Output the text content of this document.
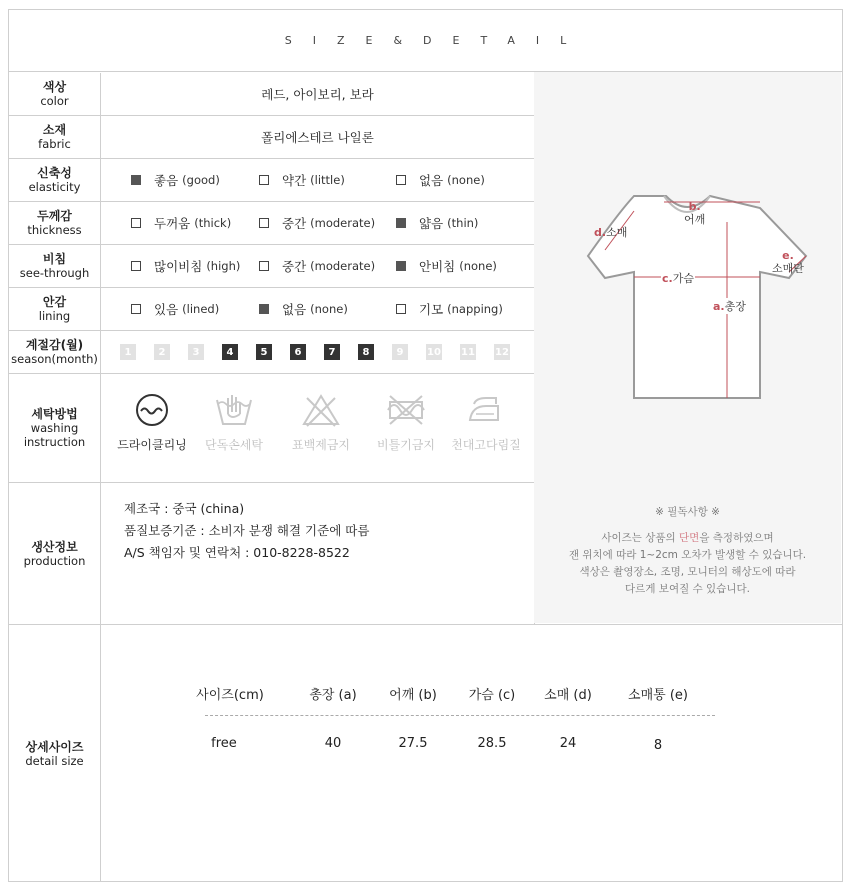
SIZE&DETAIL
색상
color	레드, 아이보리, 보라
소재
fabric	폴리에스테르 나일론
신축성
elasticity	좋음 (good)	약간 (little)	없음 (none)
두께감
thickness	두꺼움 (thick)	중간 (moderate)	얇음 (thin)
비침
see-through	많이비침 (high)	중간 (moderate)	안비침 (none)
안감
lining	있음 (lined)	없음 (none)	기모 (napping)
계절감(월)
season(month)	1	2	3	4	5	6	7	8	9	10 11 12
세탁방법
washing
instruction	드라이클리닝 단독손세탁 표백제금지 비틀기금지 천대고다림질
생산정보
production
제조국 : 중국 (china)
품질보증기준 : 소비자 분쟁 해결 기준에 따름
A/S 책임자 및 연락처 : 010-8228-8522
상세사이즈
detail size
b.
어깨
d.소매
e.
소매단
c.가슴
a.총장
※ 필독사항 ※
사이즈는 상품의 단면을 측정하였으며
잰 위치에 따라 1~2cm 오차가 발생할 수 있습니다.
색상은 촬영장소, 조명, 모니터의 해상도에 따라
다르게 보여질 수 있습니다.
사이즈(cm)	총장 (a)	어깨 (b)	가슴 (c)	소매 (d)	소매통 (e)
free	40	27.5	28.5	24	8
